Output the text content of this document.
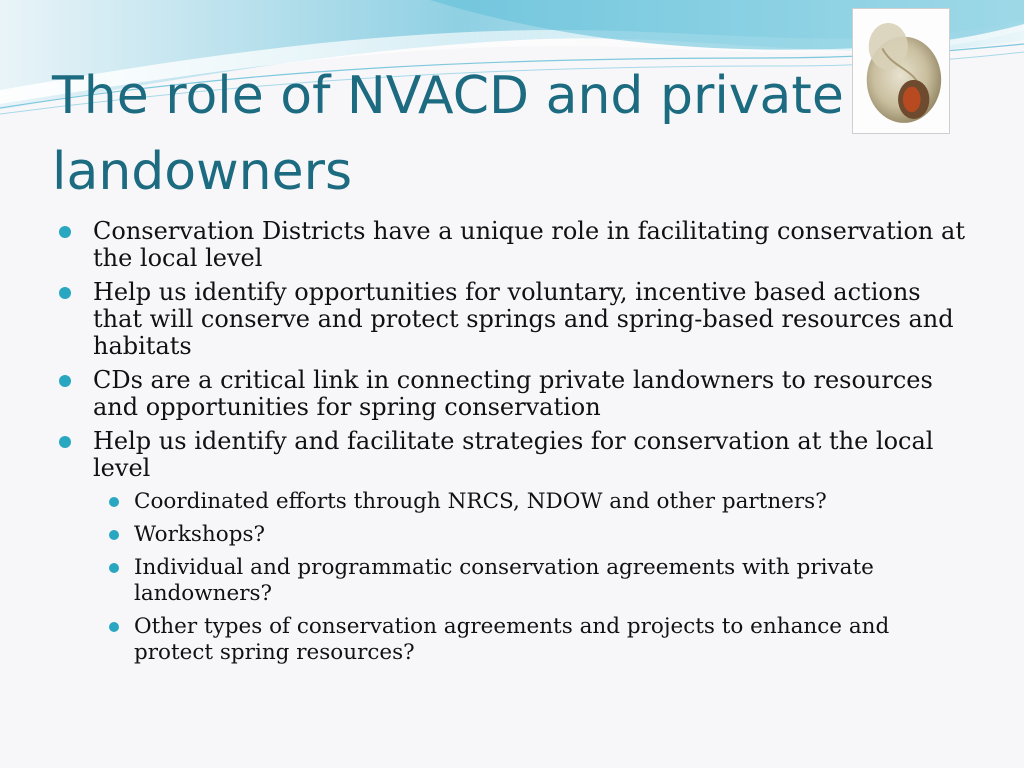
The role of NVACD and private landowners
Conservation Districts have a unique role in facilitating conservation at the local level
Help us identify opportunities for voluntary, incentive based actions that will conserve and protect springs and spring-based resources and habitats
CDs are a critical link in connecting private landowners to resources and opportunities for spring conservation
Help us identify and facilitate strategies for conservation at the local level
Coordinated efforts through NRCS, NDOW and other partners?
Workshops?
Individual and programmatic conservation agreements with private landowners?
Other types of conservation agreements and projects to enhance and protect spring resources?
